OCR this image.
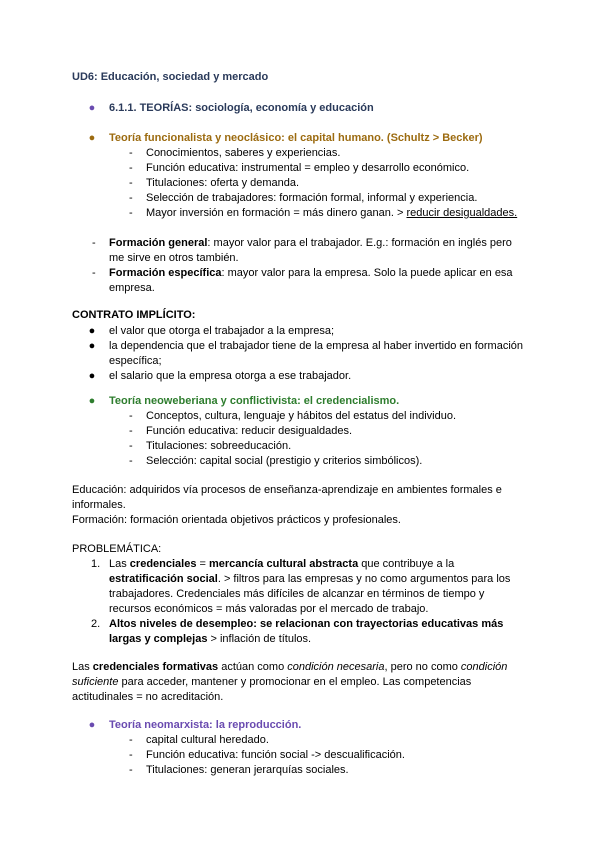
UD6: Educación, sociedad y mercado
● 6.1.1. TEORÍAS: sociología, economía y educación
● Teoría funcionalista y neoclásico: el capital humano. (Schultz > Becker)
- Conocimientos, saberes y experiencias.
- Función educativa: instrumental = empleo y desarrollo económico.
- Titulaciones: oferta y demanda.
- Selección de trabajadores: formación formal, informal y experiencia.
- Mayor inversión en formación = más dinero ganan. > reducir desigualdades.
- Formación general: mayor valor para el trabajador. E.g.: formación en inglés pero
me sirve en otros también.
- Formación específica: mayor valor para la empresa. Solo la puede aplicar en esa
empresa.
CONTRATO IMPLÍCITO:
● el valor que otorga el trabajador a la empresa;
● la dependencia que el trabajador tiene de la empresa al haber invertido en formación
específica;
● el salario que la empresa otorga a ese trabajador.
● Teoría neoweberiana y conflictivista: el credencialismo.
- Conceptos, cultura, lenguaje y hábitos del estatus del individuo.
- Función educativa: reducir desigualdades.
- Titulaciones: sobreeducación.
- Selección: capital social (prestigio y criterios simbólicos).
Educación: adquiridos vía procesos de enseñanza-aprendizaje en ambientes formales e
informales.
Formación: formación orientada objetivos prácticos y profesionales.
PROBLEMÁTICA:
1. Las credenciales = mercancía cultural abstracta que contribuye a la
estratificación social. > filtros para las empresas y no como argumentos para los
trabajadores. Credenciales más difíciles de alcanzar en términos de tiempo y
recursos económicos = más valoradas por el mercado de trabajo.
2. Altos niveles de desempleo: se relacionan con trayectorias educativas más
largas y complejas > inflación de títulos.
Las credenciales formativas actúan como condición necesaria, pero no como condición
suficiente para acceder, mantener y promocionar en el empleo. Las competencias
actitudinales = no acreditación.
● Teoría neomarxista: la reproducción.
- capital cultural heredado.
- Función educativa: función social -> descualificación.
- Titulaciones: generan jerarquías sociales.
